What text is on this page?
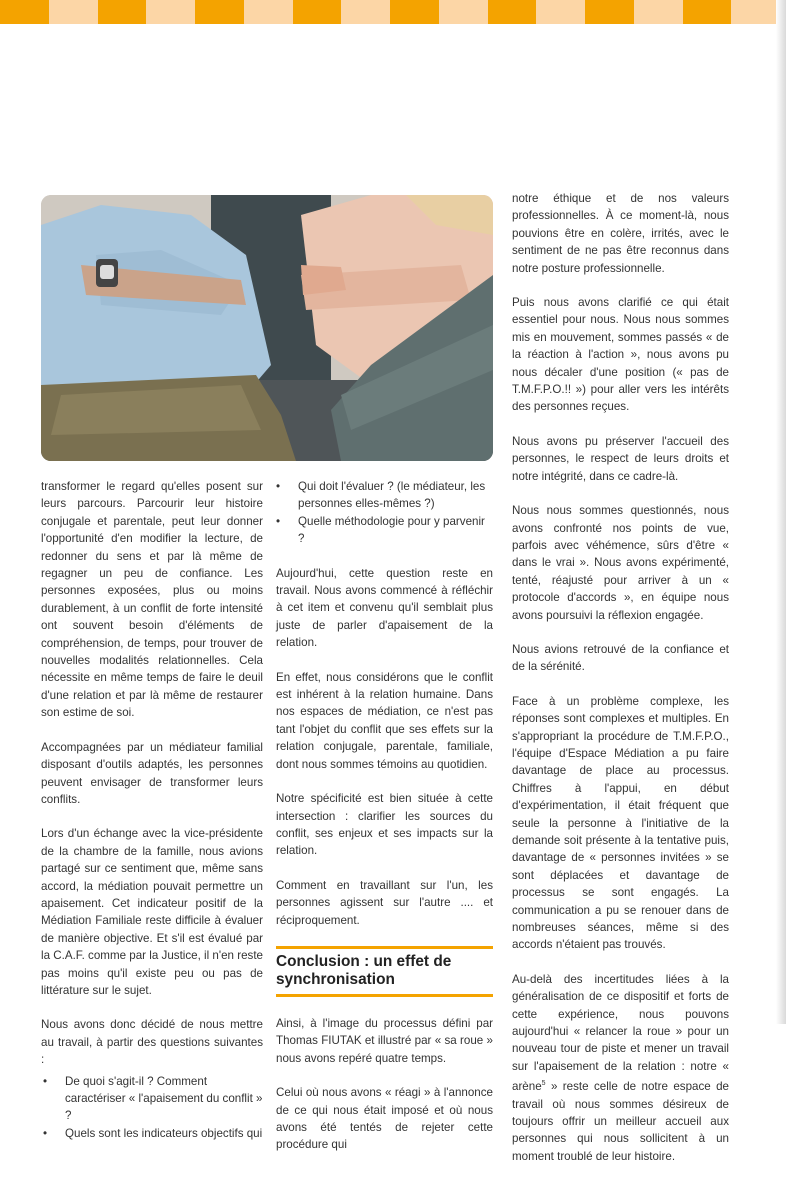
transformer le regard qu'elles posent sur leurs parcours. Parcourir leur histoire conjugale et parentale, peut leur donner l'opportunité d'en modifier la lecture, de redonner du sens et par là même de regagner un peu de confiance. Les personnes exposées, plus ou moins durablement, à un conflit de forte intensité ont souvent besoin d'éléments de compréhension, de temps, pour trouver de nouvelles modalités relationnelles. Cela nécessite en même temps de faire le deuil d'une relation et par là même de restaurer son estime de soi.

Accompagnées par un médiateur familial disposant d'outils adaptés, les personnes peuvent envisager de transformer leurs conflits.

Lors d'un échange avec la vice-présidente de la chambre de la famille, nous avions partagé sur ce sentiment que, même sans accord, la médiation pouvait permettre un apaisement. Cet indicateur positif de la Médiation Familiale reste difficile à évaluer de manière objective. Et s'il est évalué par la C.A.F. comme par la Justice, il n'en reste pas moins qu'il existe peu ou pas de littérature sur le sujet.

Nous avons donc décidé de nous mettre au travail, à partir des questions suivantes :

• De quoi s'agit-il ? Comment caractériser « l'apaisement du conflit » ?
• Quels sont les indicateurs objectifs qui
• Qui doit l'évaluer ? (le médiateur, les personnes elles-mêmes ?)
• Quelle méthodologie pour y parvenir ?

Aujourd'hui, cette question reste en travail. Nous avons commencé à réfléchir à cet item et convenu qu'il semblait plus juste de parler d'apaisement de la relation.

En effet, nous considérons que le conflit est inhérent à la relation humaine. Dans nos espaces de médiation, ce n'est pas tant l'objet du conflit que ses effets sur la relation conjugale, parentale, familiale, dont nous sommes témoins au quotidien.

Notre spécificité est bien située à cette intersection : clarifier les sources du conflit, ses enjeux et ses impacts sur la relation.

Comment en travaillant sur l'un, les personnes agissent sur l'autre .... et réciproquement.

Conclusion : un effet de synchronisation

Ainsi, à l'image du processus défini par Thomas FIUTAK et illustré par « sa roue » nous avons repéré quatre temps.

Celui où nous avons « réagi » à l'annonce de ce qui nous était imposé et où nous avons été tentés de rejeter cette procédure qui

notre éthique et de nos valeurs professionnelles. À ce moment-là, nous pouvions être en colère, irrités, avec le sentiment de ne pas être reconnus dans notre posture professionnelle.

Puis nous avons clarifié ce qui était essentiel pour nous. Nous nous sommes mis en mouvement, sommes passés « de la réaction à l'action », nous avons pu nous décaler d'une position (« pas de T.M.F.P.O.!! ») pour aller vers les intérêts des personnes reçues.

Nous avons pu préserver l'accueil des personnes, le respect de leurs droits et notre intégrité, dans ce cadre-là.

Nous nous sommes questionnés, nous avons confronté nos points de vue, parfois avec véhémence, sûrs d'être « dans le vrai ». Nous avons expérimenté, tenté, réajusté pour arriver à un « protocole d'accords », en équipe nous avons poursuivi la réflexion engagée.

Nous avions retrouvé de la confiance et de la sérénité.

Face à un problème complexe, les réponses sont complexes et multiples. En s'appropriant la procédure de T.M.F.P.O., l'équipe d'Espace Médiation a pu faire davantage de place au processus. Chiffres à l'appui, en début d'expérimentation, il était fréquent que seule la personne à l'initiative de la demande soit présente à la tentative puis, davantage de « personnes invitées » se sont déplacées et davantage de processus se sont engagés. La communication a pu se renouer dans de nombreuses séances, même si des accords n'étaient pas trouvés.

Au-delà des incertitudes liées à la généralisation de ce dispositif et forts de cette expérience, nous pouvons aujourd'hui « relancer la roue » pour un nouveau tour de piste et mener un travail sur l'apaisement de la relation : notre « arène$^5$ » reste celle de notre espace de travail où nous sommes désireux de toujours offrir un meilleur accueil aux personnes qui nous sollicitent à un moment troublé de leur histoire.
